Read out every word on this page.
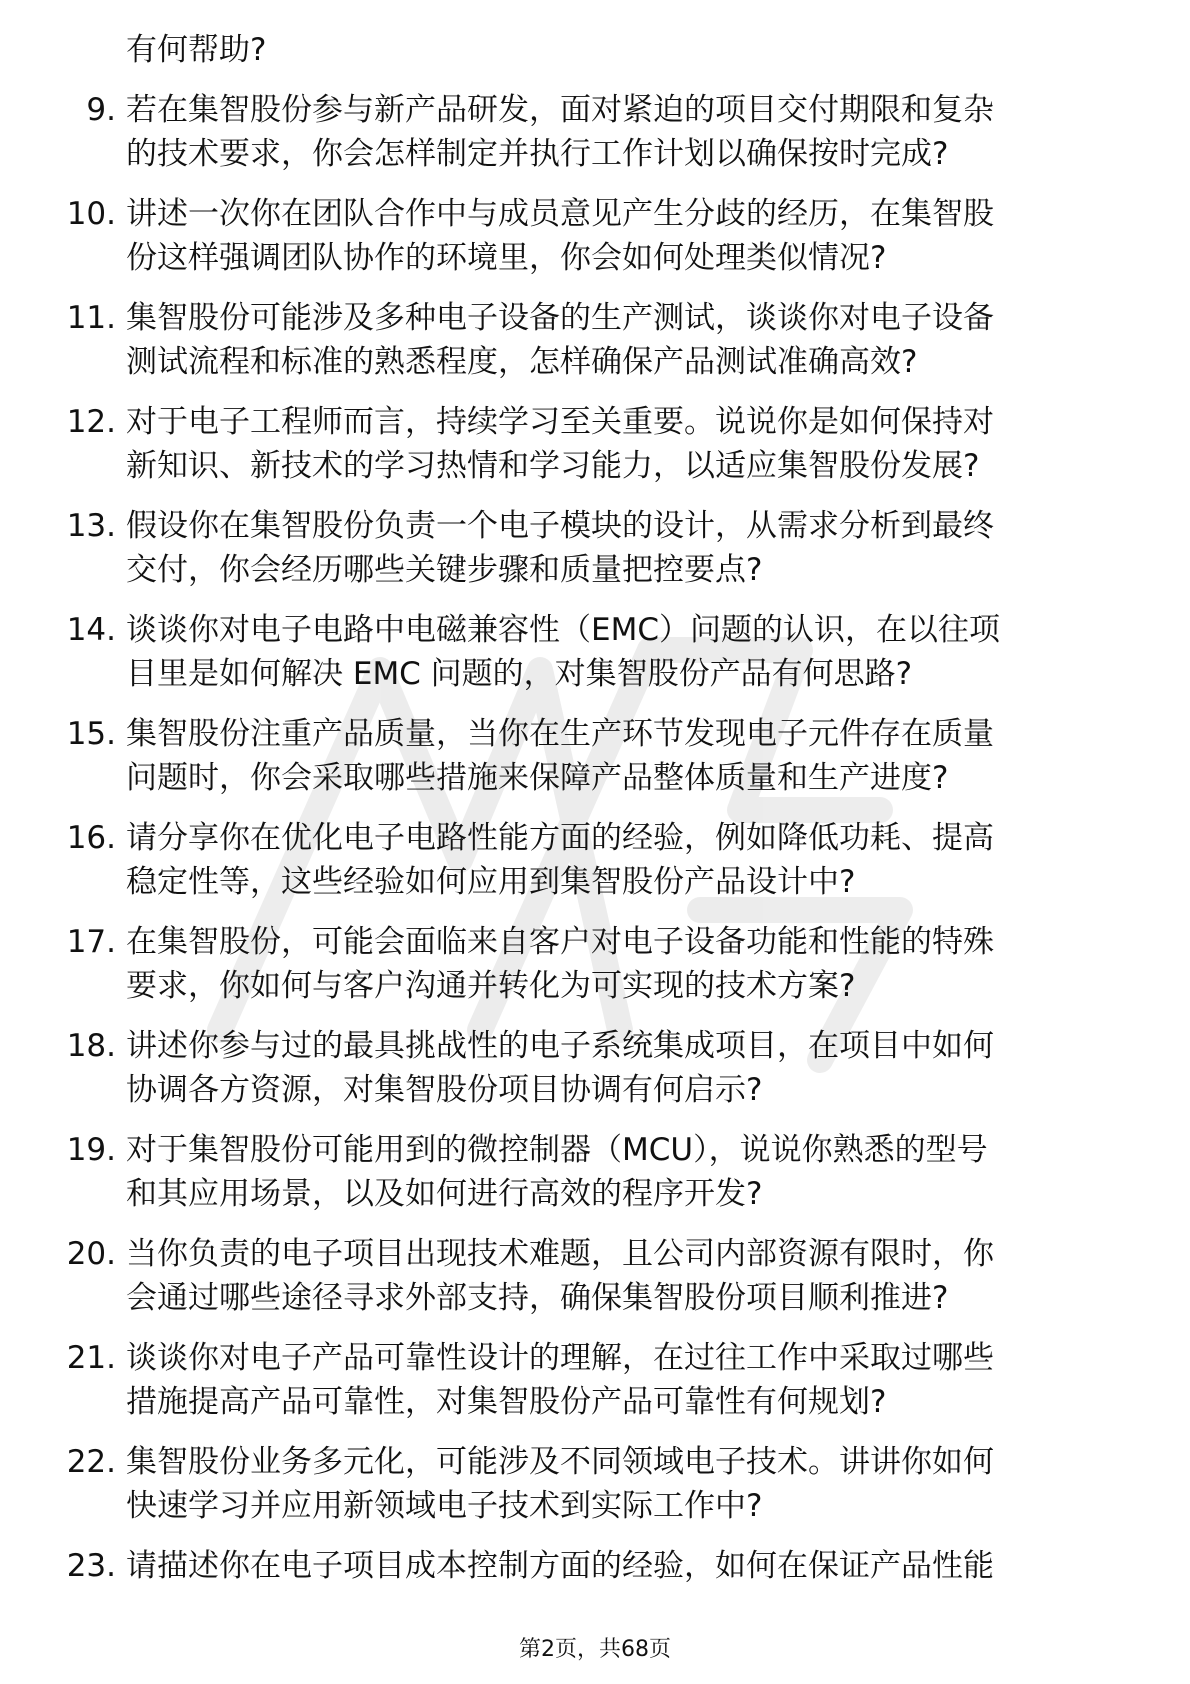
有何帮助?
9. 若在集智股份参与新产品研发，面对紧迫的项目交付期限和复杂
的技术要求，你会怎样制定并执行工作计划以确保按时完成?
10. 讲述一次你在团队合作中与成员意见产生分歧的经历，在集智股
份这样强调团队协作的环境里，你会如何处理类似情况?
11. 集智股份可能涉及多种电子设备的生产测试，谈谈你对电子设备
测试流程和标准的熟悉程度，怎样确保产品测试准确高效?
12. 对于电子工程师而言，持续学习至关重要。说说你是如何保持对
新知识、新技术的学习热情和学习能力，以适应集智股份发展?
13. 假设你在集智股份负责一个电子模块的设计，从需求分析到最终
交付，你会经历哪些关键步骤和质量把控要点?
14. 谈谈你对电子电路中电磁兼容性（EMC）问题的认识，在以往项
目里是如何解决 EMC 问题的，对集智股份产品有何思路?
15. 集智股份注重产品质量，当你在生产环节发现电子元件存在质量
问题时，你会采取哪些措施来保障产品整体质量和生产进度?
16. 请分享你在优化电子电路性能方面的经验，例如降低功耗、提高
稳定性等，这些经验如何应用到集智股份产品设计中?
17. 在集智股份，可能会面临来自客户对电子设备功能和性能的特殊
要求，你如何与客户沟通并转化为可实现的技术方案?
18. 讲述你参与过的最具挑战性的电子系统集成项目，在项目中如何
协调各方资源，对集智股份项目协调有何启示?
19. 对于集智股份可能用到的微控制器（MCU），说说你熟悉的型号
和其应用场景，以及如何进行高效的程序开发?
20. 当你负责的电子项目出现技术难题，且公司内部资源有限时，你
会通过哪些途径寻求外部支持，确保集智股份项目顺利推进?
21. 谈谈你对电子产品可靠性设计的理解，在过往工作中采取过哪些
措施提高产品可靠性，对集智股份产品可靠性有何规划?
22. 集智股份业务多元化，可能涉及不同领域电子技术。讲讲你如何
快速学习并应用新领域电子技术到实际工作中?
23. 请描述你在电子项目成本控制方面的经验，如何在保证产品性能
第2页，共68页
